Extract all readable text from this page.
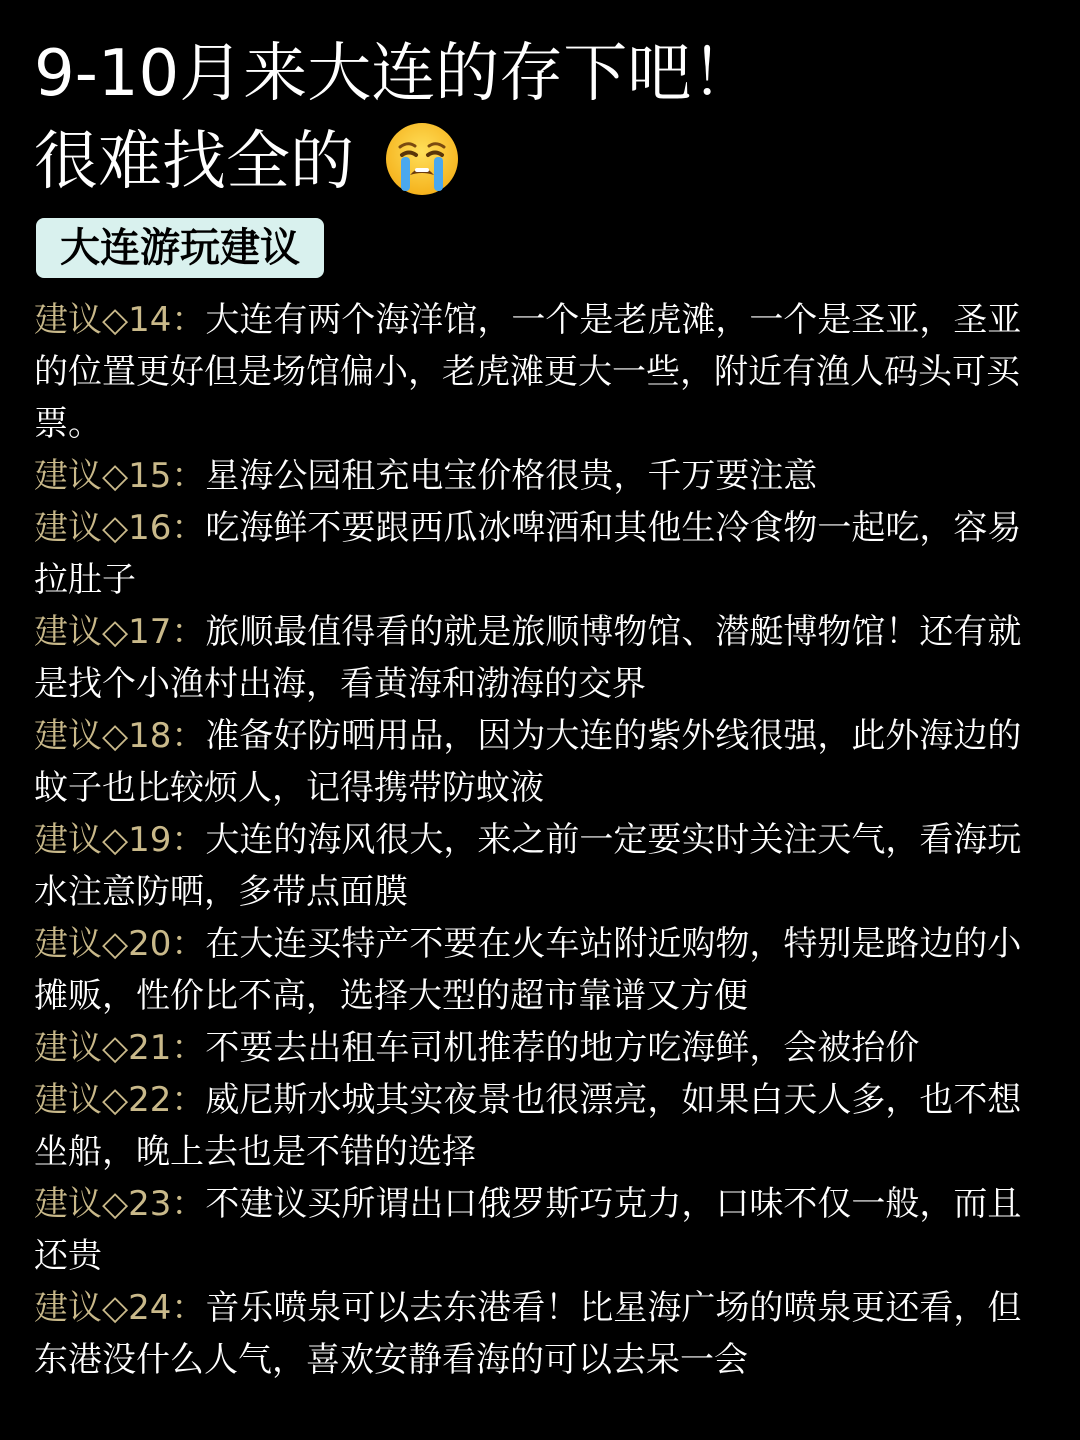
9-10月来大连的存下吧！
很难找全的
大连游玩建议

建议◇14：大连有两个海洋馆，一个是老虎滩，一个是圣亚，圣亚的位置更好但是场馆偏小，老虎滩更大一些，附近有渔人码头可买票。

建议◇15：星海公园租充电宝价格很贵，千万要注意

建议◇16：吃海鲜不要跟西瓜冰啤酒和其他生冷食物一起吃，容易拉肚子

建议◇17：旅顺最值得看的就是旅顺博物馆、潜艇博物馆！还有就是找个小渔村出海，看黄海和渤海的交界

建议◇18：准备好防晒用品，因为大连的紫外线很强，此外海边的蚊子也比较烦人，记得携带防蚊液

建议◇19：大连的海风很大，来之前一定要实时关注天气，看海玩水注意防晒，多带点面膜

建议◇20：在大连买特产不要在火车站附近购物，特别是路边的小摊贩，性价比不高，选择大型的超市靠谱又方便

建议◇21：不要去出租车司机推荐的地方吃海鲜，会被抬价

建议◇22：威尼斯水城其实夜景也很漂亮，如果白天人多，也不想坐船，晚上去也是不错的选择

建议◇23：不建议买所谓出口俄罗斯巧克力，口味不仅一般，而且还贵

建议◇24：音乐喷泉可以去东港看！比星海广场的喷泉更还看，但东港没什么人气，喜欢安静看海的可以去呆一会
